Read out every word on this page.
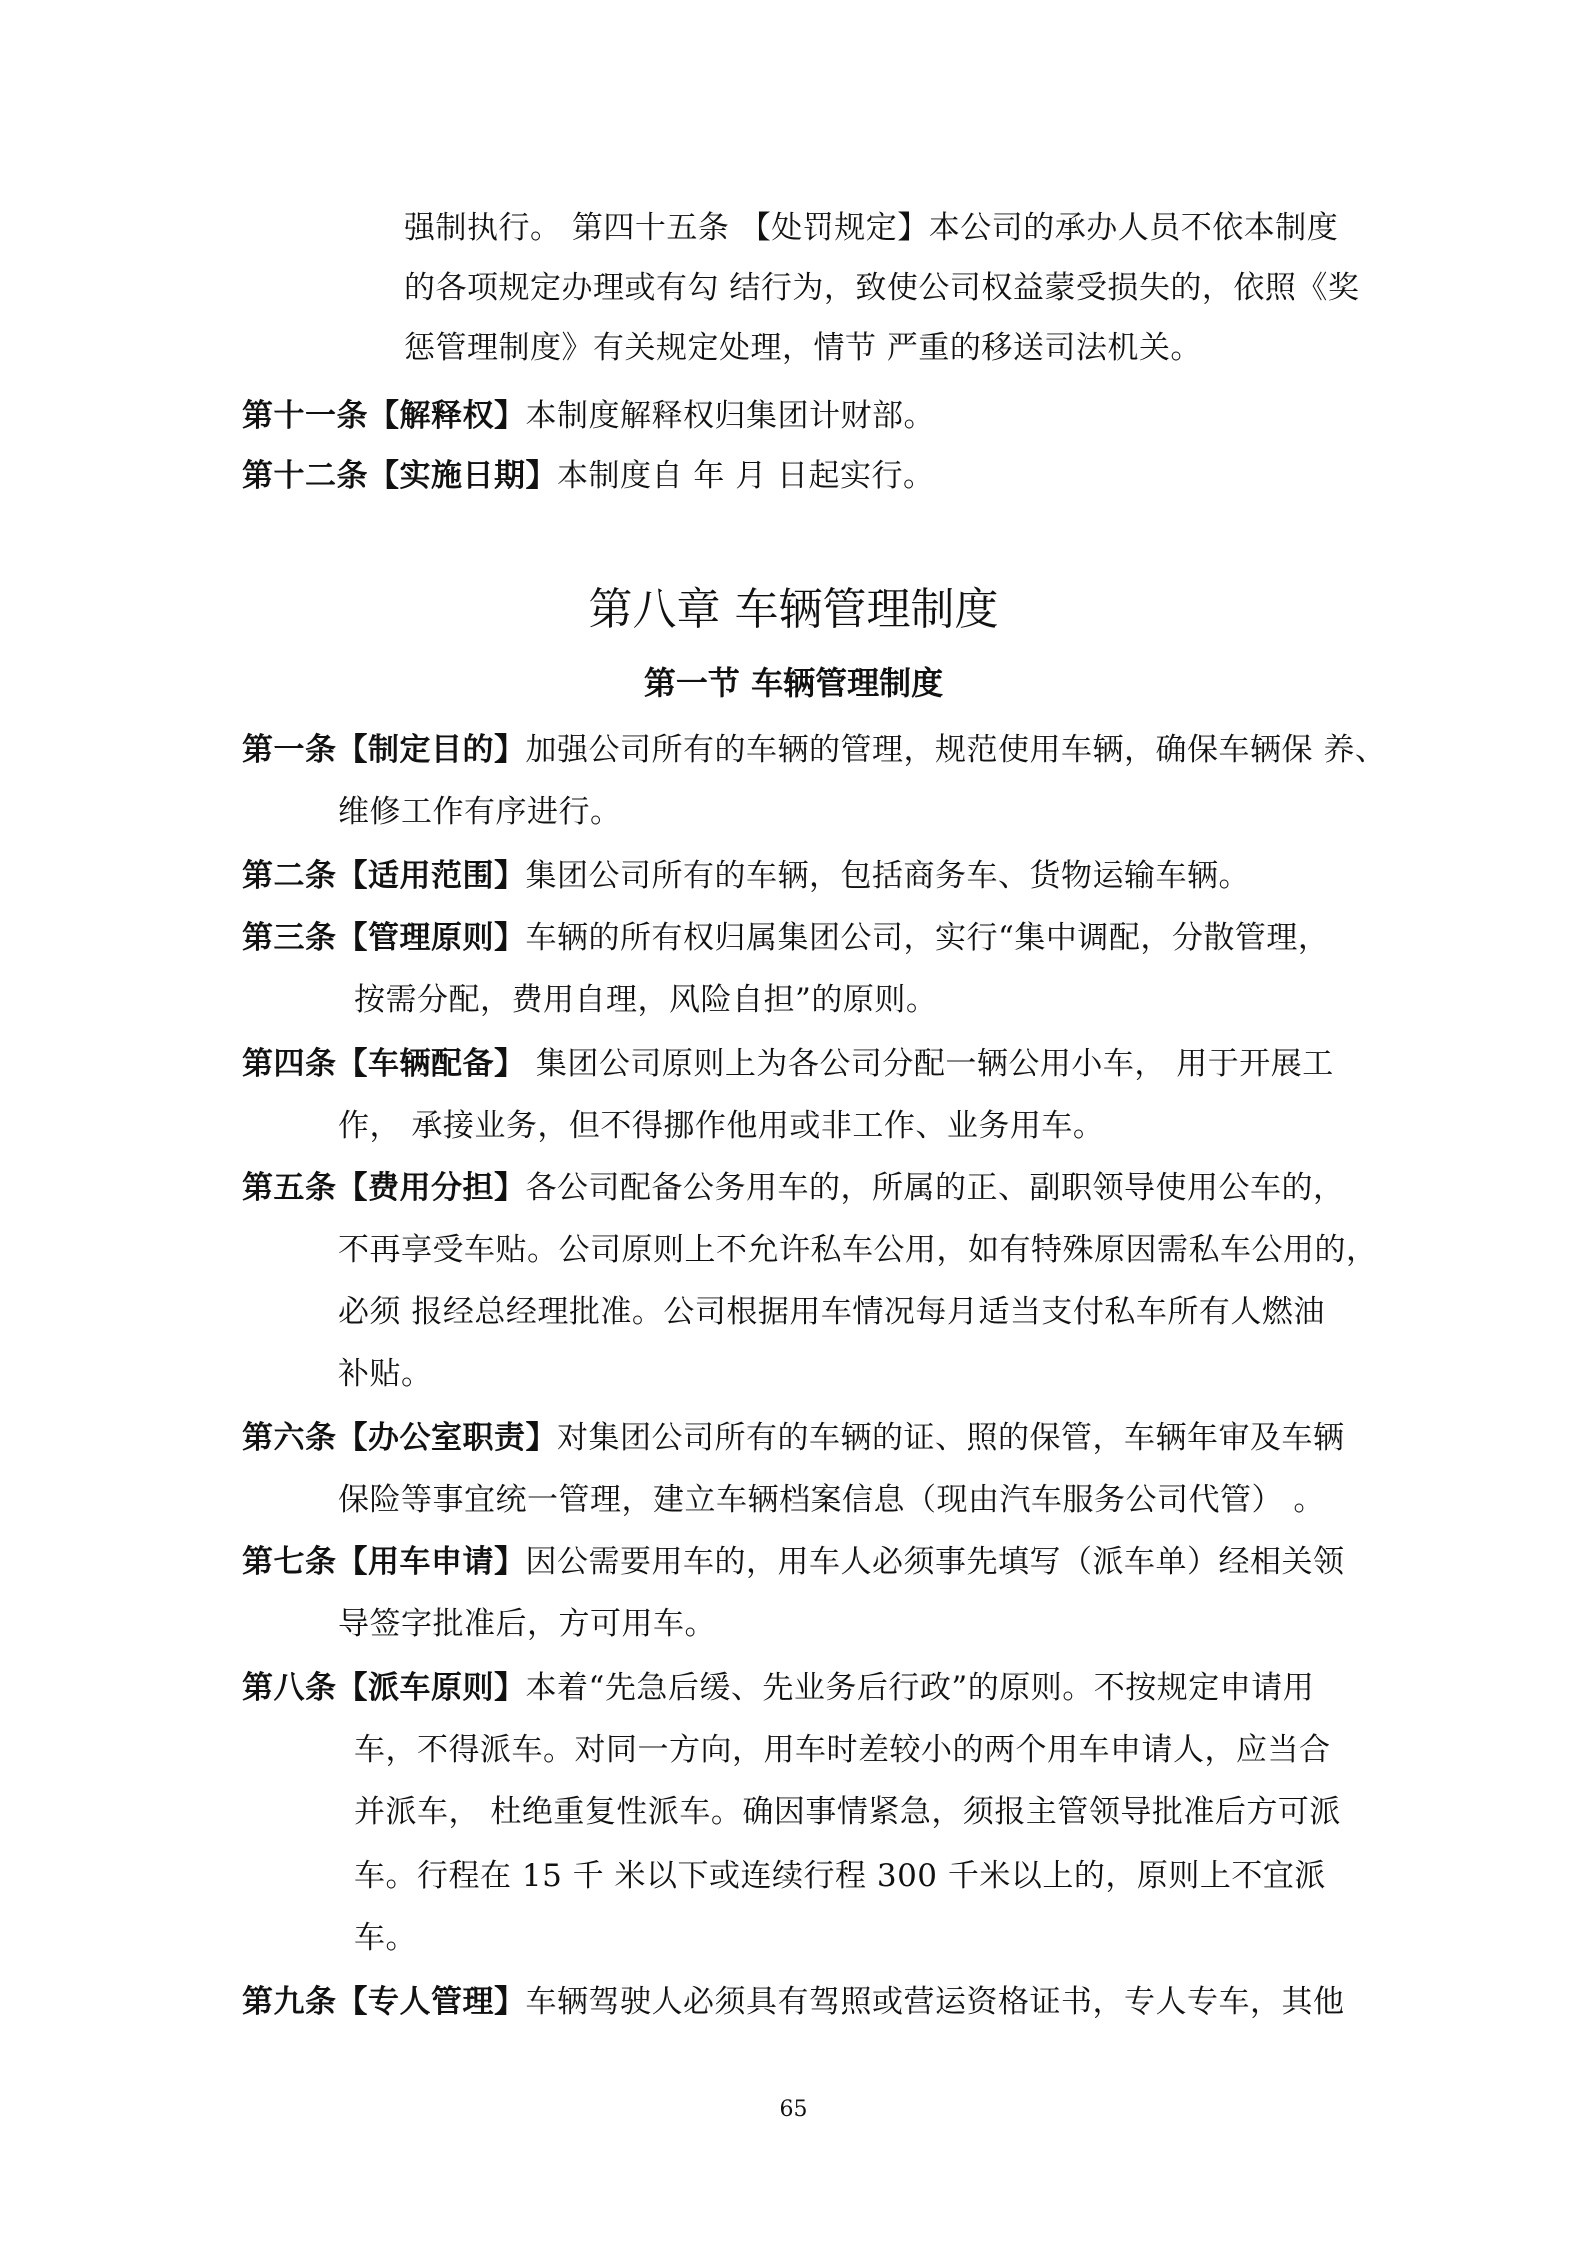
强制执行。 第四十五条 【处罚规定】本公司的承办人员不依本制度
的各项规定办理或有勾 结行为，致使公司权益蒙受损失的，依照《奖
惩管理制度》有关规定处理，情节 严重的移送司法机关。
第十一条【解释权】本制度解释权归集团计财部。
第十二条【实施日期】本制度自 年 月 日起实行。
第八章 车辆管理制度
第一节 车辆管理制度
第一条【制定目的】加强公司所有的车辆的管理，规范使用车辆，确保车辆保 养、
维修工作有序进行。
第二条【适用范围】集团公司所有的车辆，包括商务车、货物运输车辆。
第三条【管理原则】车辆的所有权归属集团公司，实行“集中调配，分散管理，
按需分配，费用自理，风险自担”的原则。
第四条【车辆配备】 集团公司原则上为各公司分配一辆公用小车， 用于开展工
作， 承接业务，但不得挪作他用或非工作、业务用车。
第五条【费用分担】各公司配备公务用车的，所属的正、副职领导使用公车的，
不再享受车贴。公司原则上不允许私车公用，如有特殊原因需私车公用的，
必须 报经总经理批准。公司根据用车情况每月适当支付私车所有人燃油
补贴。
第六条【办公室职责】对集团公司所有的车辆的证、照的保管，车辆年审及车辆
保险等事宜统一管理，建立车辆档案信息（现由汽车服务公司代管） 。
第七条【用车申请】因公需要用车的，用车人必须事先填写（派车单）经相关领
导签字批准后，方可用车。
第八条【派车原则】本着“先急后缓、先业务后行政”的原则。不按规定申请用
车，不得派车。对同一方向，用车时差较小的两个用车申请人，应当合
并派车， 杜绝重复性派车。确因事情紧急，须报主管领导批准后方可派
车。行程在 15 千 米以下或连续行程 300 千米以上的，原则上不宜派
车。
第九条【专人管理】车辆驾驶人必须具有驾照或营运资格证书，专人专车，其他
65
